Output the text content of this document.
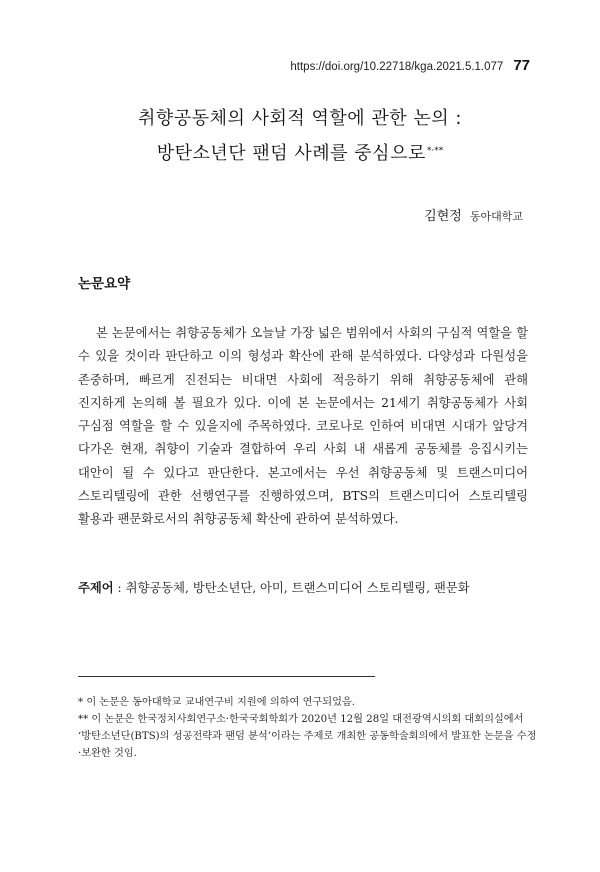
https://doi.org/10.22718/kga.2021.5.1.077 77
취향공동체의 사회적 역할에 관한 논의 :
방탄소년단 팬덤 사례를 중심으로*·**
김현정 동아대학교
논문요약

본 논문에서는 취향공동체가 오늘날 가장 넓은 범위에서 사회의 구심적 역할을 할 수 있을 것이라 판단하고 이의 형성과 확산에 관해 분석하였다. 다양성과 다원성을 존중하며, 빠르게 진전되는 비대면 사회에 적응하기 위해 취향공동체에 관해 진지하게 논의해 볼 필요가 있다. 이에 본 논문에서는 21세기 취향공동체가 사회 구심점 역할을 할 수 있을지에 주목하였다. 코로나로 인하여 비대면 시대가 앞당겨 다가온 현재, 취향이 기술과 결합하여 우리 사회 내 새롭게 공동체를 응집시키는 대안이 될 수 있다고 판단한다. 본고에서는 우선 취향공동체 및 트랜스미디어 스토리텔링에 관한 선행연구를 진행하였으며, BTS의 트랜스미디어 스토리텔링 활용과 팬문화로서의 취향공동체 확산에 관하여 분석하였다.

주제어 : 취향공동체, 방탄소년단, 아미, 트랜스미디어 스토리텔링, 팬문화

* 이 논문은 동아대학교 교내연구비 지원에 의하여 연구되었음.

** 이 논문은 한국정치사회연구소·한국국회학회가 2020년 12월 28일 대전광역시의회 대회의실에서 ‘방탄소년단(BTS)의 성공전략과 팬덤 분석’이라는 주제로 개최한 공동학술회의에서 발표한 논문을 수정·보완한 것임.
